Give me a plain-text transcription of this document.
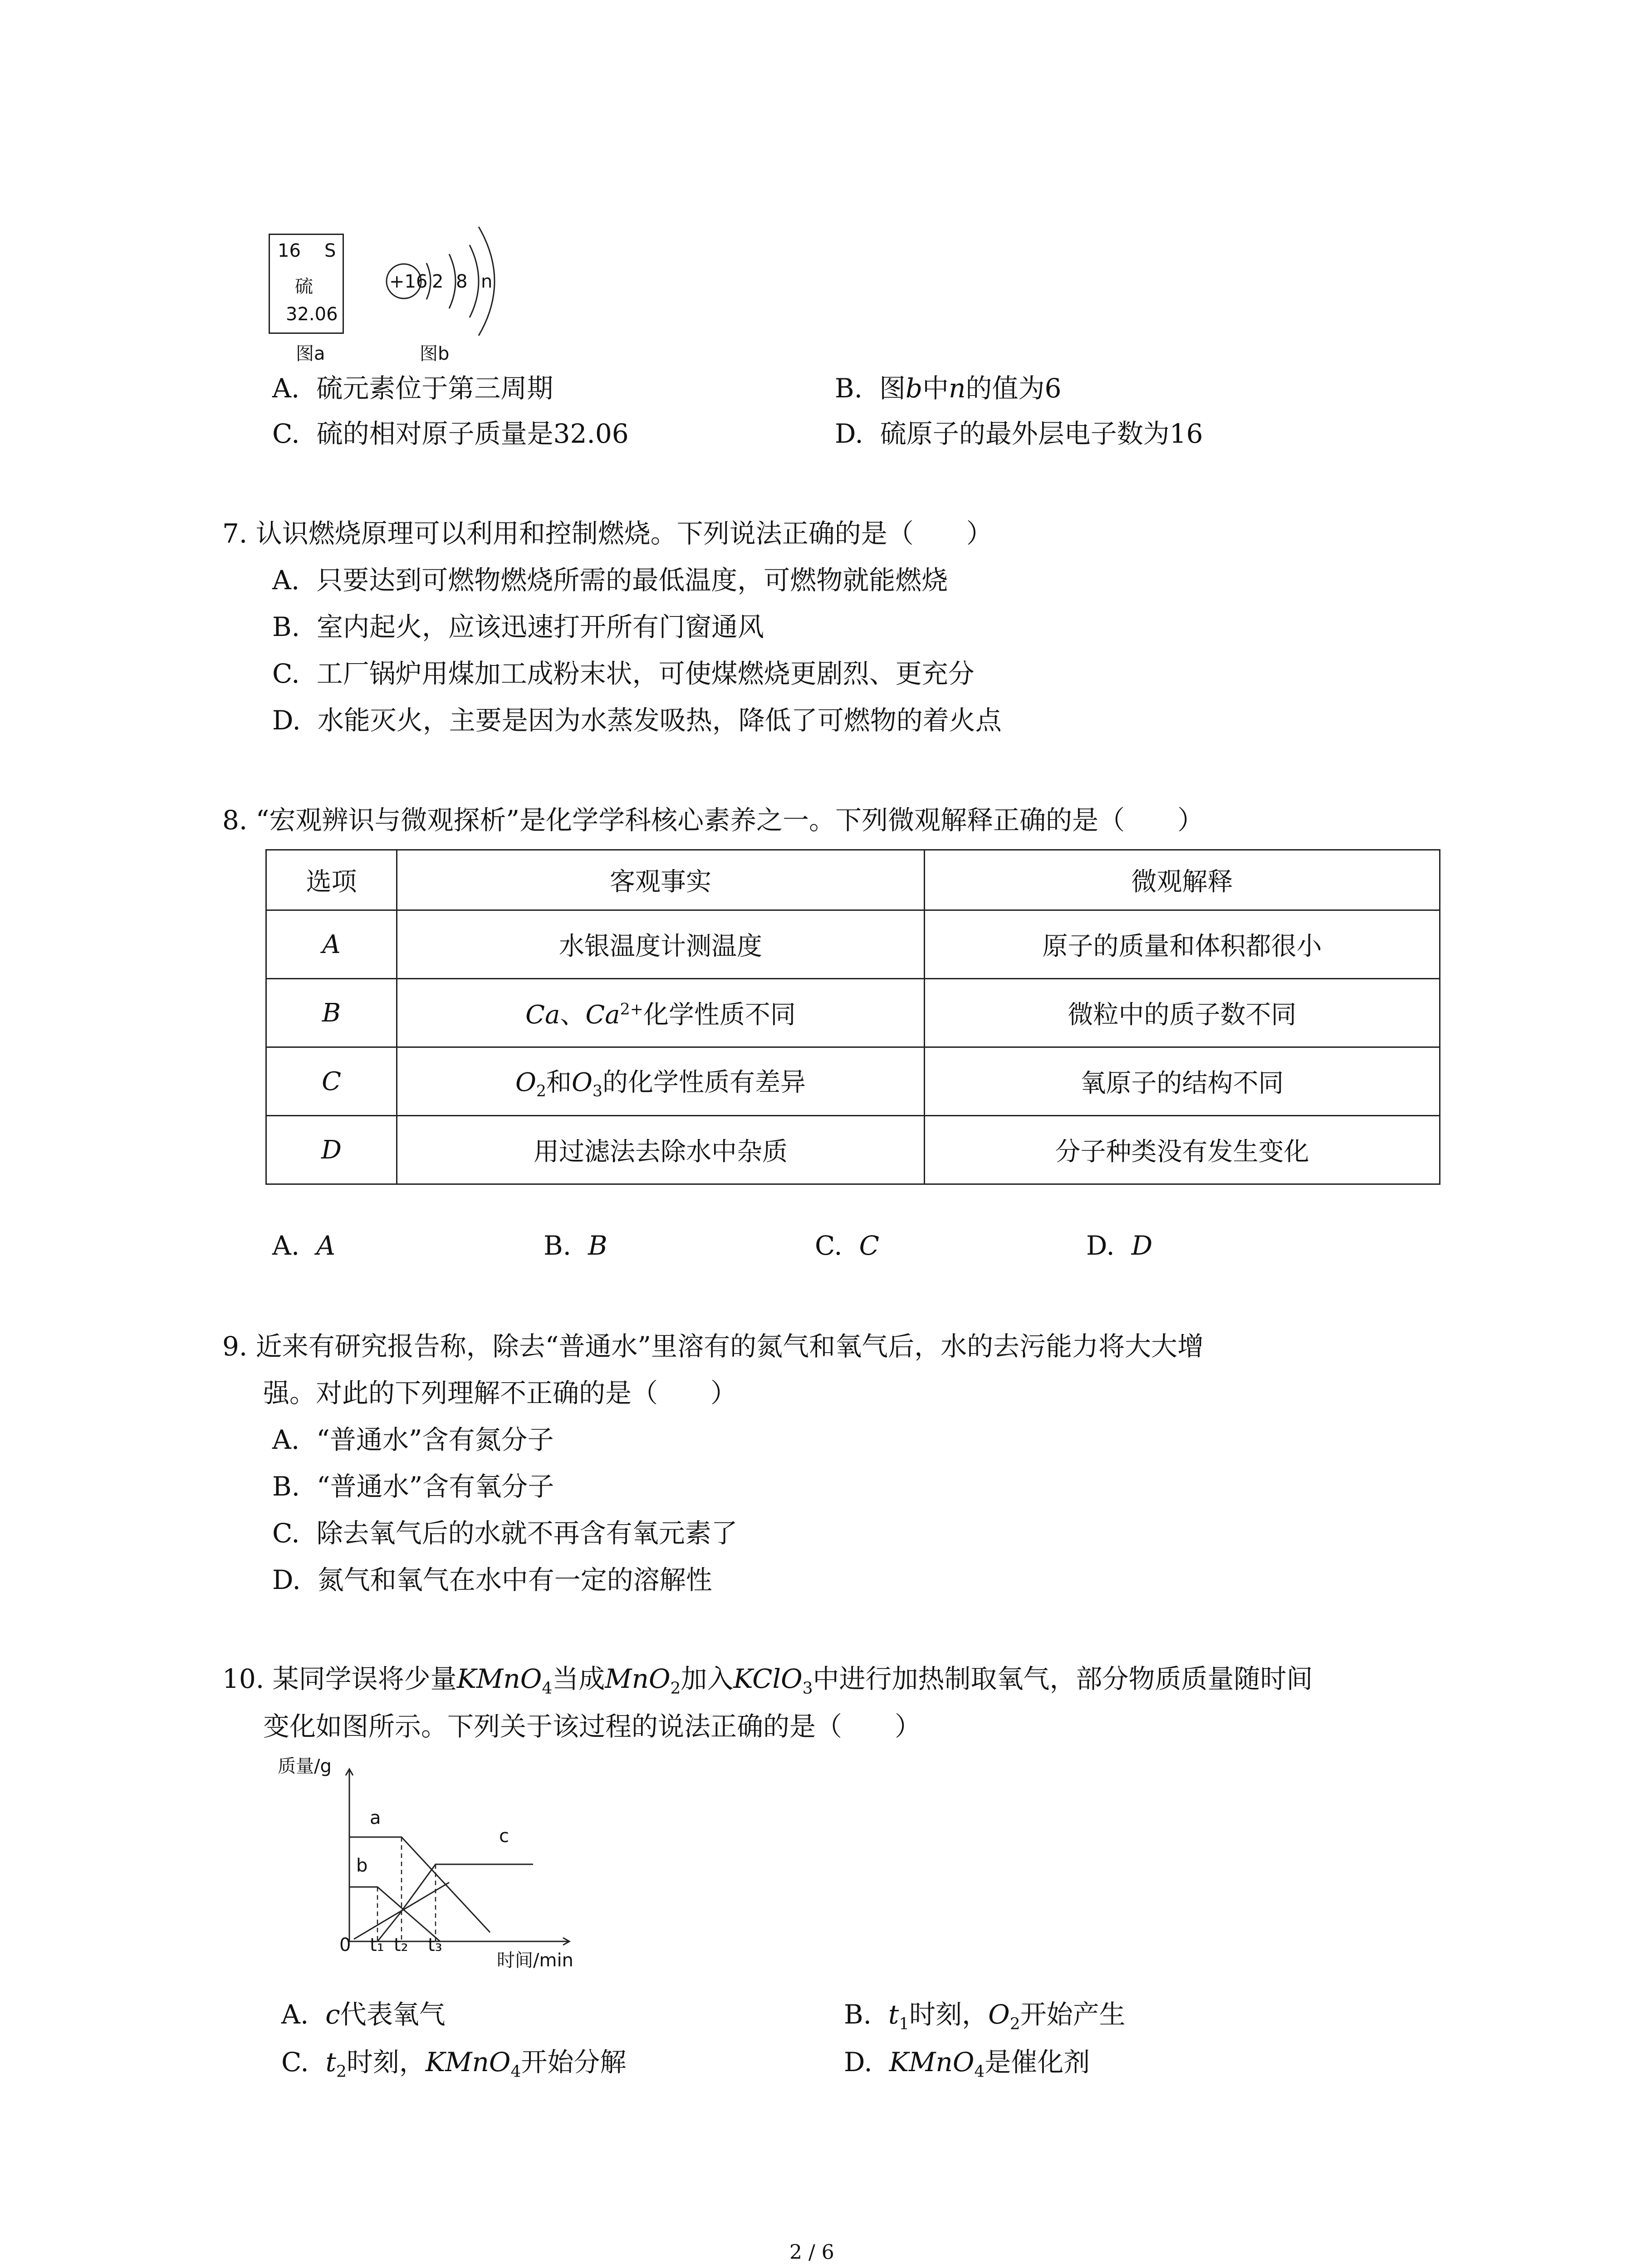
16 S
硫
32.06
图a
+16 2 8 n
图b
A. 硫元素位于第三周期	B. 图b中n的值为6
C. 硫的相对原子质量是32.06	D. 硫原子的最外层电子数为16
7. 认识燃烧原理可以利用和控制燃烧。下列说法正确的是（　　）
A. 只要达到可燃物燃烧所需的最低温度，可燃物就能燃烧
B. 室内起火，应该迅速打开所有门窗通风
C. 工厂锅炉用煤加工成粉末状，可使煤燃烧更剧烈、更充分
D. 水能灭火，主要是因为水蒸发吸热，降低了可燃物的着火点
8. “宏观辨识与微观探析”是化学学科核心素养之一。下列微观解释正确的是（　　）
选项	客观事实	微观解释
A	水银温度计测温度	原子的质量和体积都很小
B	Ca、$Ca^{2+}$化学性质不同	微粒中的质子数不同
C	$O_2$和$O_3$的化学性质有差异	氧原子的结构不同
D	用过滤法去除水中杂质	分子种类没有发生变化
A. A	B. B	C. C	D. D
9. 近来有研究报告称，除去“普通水”里溶有的氮气和氧气后，水的去污能力将大大增
强。对此的下列理解不正确的是（　　）
A. “普通水”含有氮分子
B. “普通水”含有氧分子
C. 除去氧气后的水就不再含有氧元素了
D. 氮气和氧气在水中有一定的溶解性
10. 某同学误将少量KMnO$_4$当成MnO$_2$加入KClO$_3$中进行加热制取氧气，部分物质质量随时间
变化如图所示。下列关于该过程的说法正确的是（　　）
质量/g
时间/min
0 t₁ t₂ t₃
a
b
c
A. c代表氧气	B. $t_1$时刻，$O_2$开始产生
C. $t_2$时刻，KMnO$_4$开始分解	D. KMnO$_4$是催化剂
2 / 6
